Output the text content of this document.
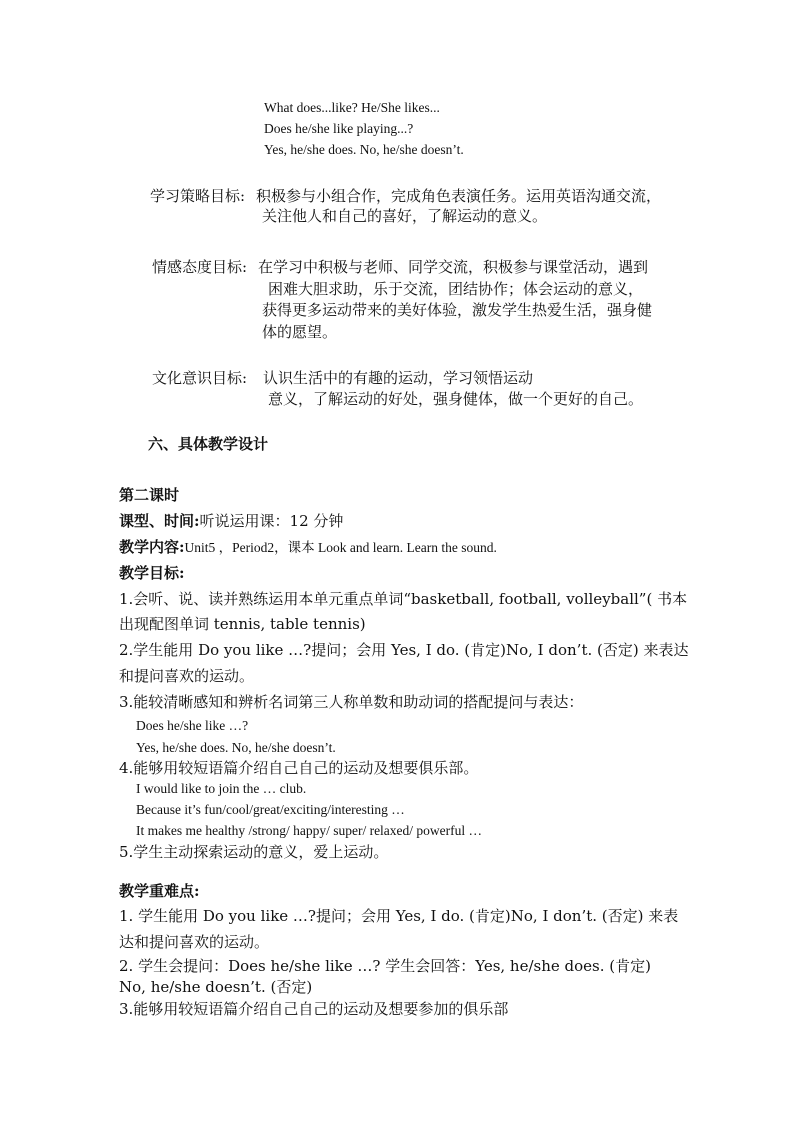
What does...like? He/She likes...
Does he/she like playing...?
Yes, he/she does. No, he/she doesn’t.
学习策略目标: 积极参与小组合作，完成角色表演任务。运用英语沟通交流，
关注他人和自己的喜好，了解运动的意义。
情感态度目标: 在学习中积极与老师、同学交流，积极参与课堂活动，遇到
困难大胆求助，乐于交流，团结协作；体会运动的意义，
获得更多运动带来的美好体验，激发学生热爱生活，强身健
体的愿望。
文化意识目标: 认识生活中的有趣的运动，学习领悟运动
意义，了解运动的好处，强身健体，做一个更好的自己。
六、具体教学设计
第二课时
课型、时间:听说运用课：12 分钟
教学内容:Unit5 ，Period2，课本 Look and learn. Learn the sound.
教学目标:
1.会听、说、读并熟练运用本单元重点单词“basketball, football, volleyball”( 书本
出现配图单词 tennis, table tennis)
2.学生能用 Do you like …?提问；会用 Yes, I do. (肯定)No, I don’t. (否定) 来表达
和提问喜欢的运动。
3.能较清晰感知和辨析名词第三人称单数和助动词的搭配提问与表达：
Does he/she like …?
Yes, he/she does. No, he/she doesn’t.
4.能够用较短语篇介绍自己自己的运动及想要俱乐部。
I would like to join the … club.
Because it’s fun/cool/great/exciting/interesting …
It makes me healthy /strong/ happy/ super/ relaxed/ powerful …
5.学生主动探索运动的意义，爱上运动。
教学重难点:
1. 学生能用 Do you like …?提问；会用 Yes, I do. (肯定)No, I don’t. (否定) 来表
达和提问喜欢的运动。
2. 学生会提问：Does he/she like …? 学生会回答：Yes, he/she does. (肯定)
No, he/she doesn’t. (否定)
3.能够用较短语篇介绍自己自己的运动及想要参加的俱乐部
